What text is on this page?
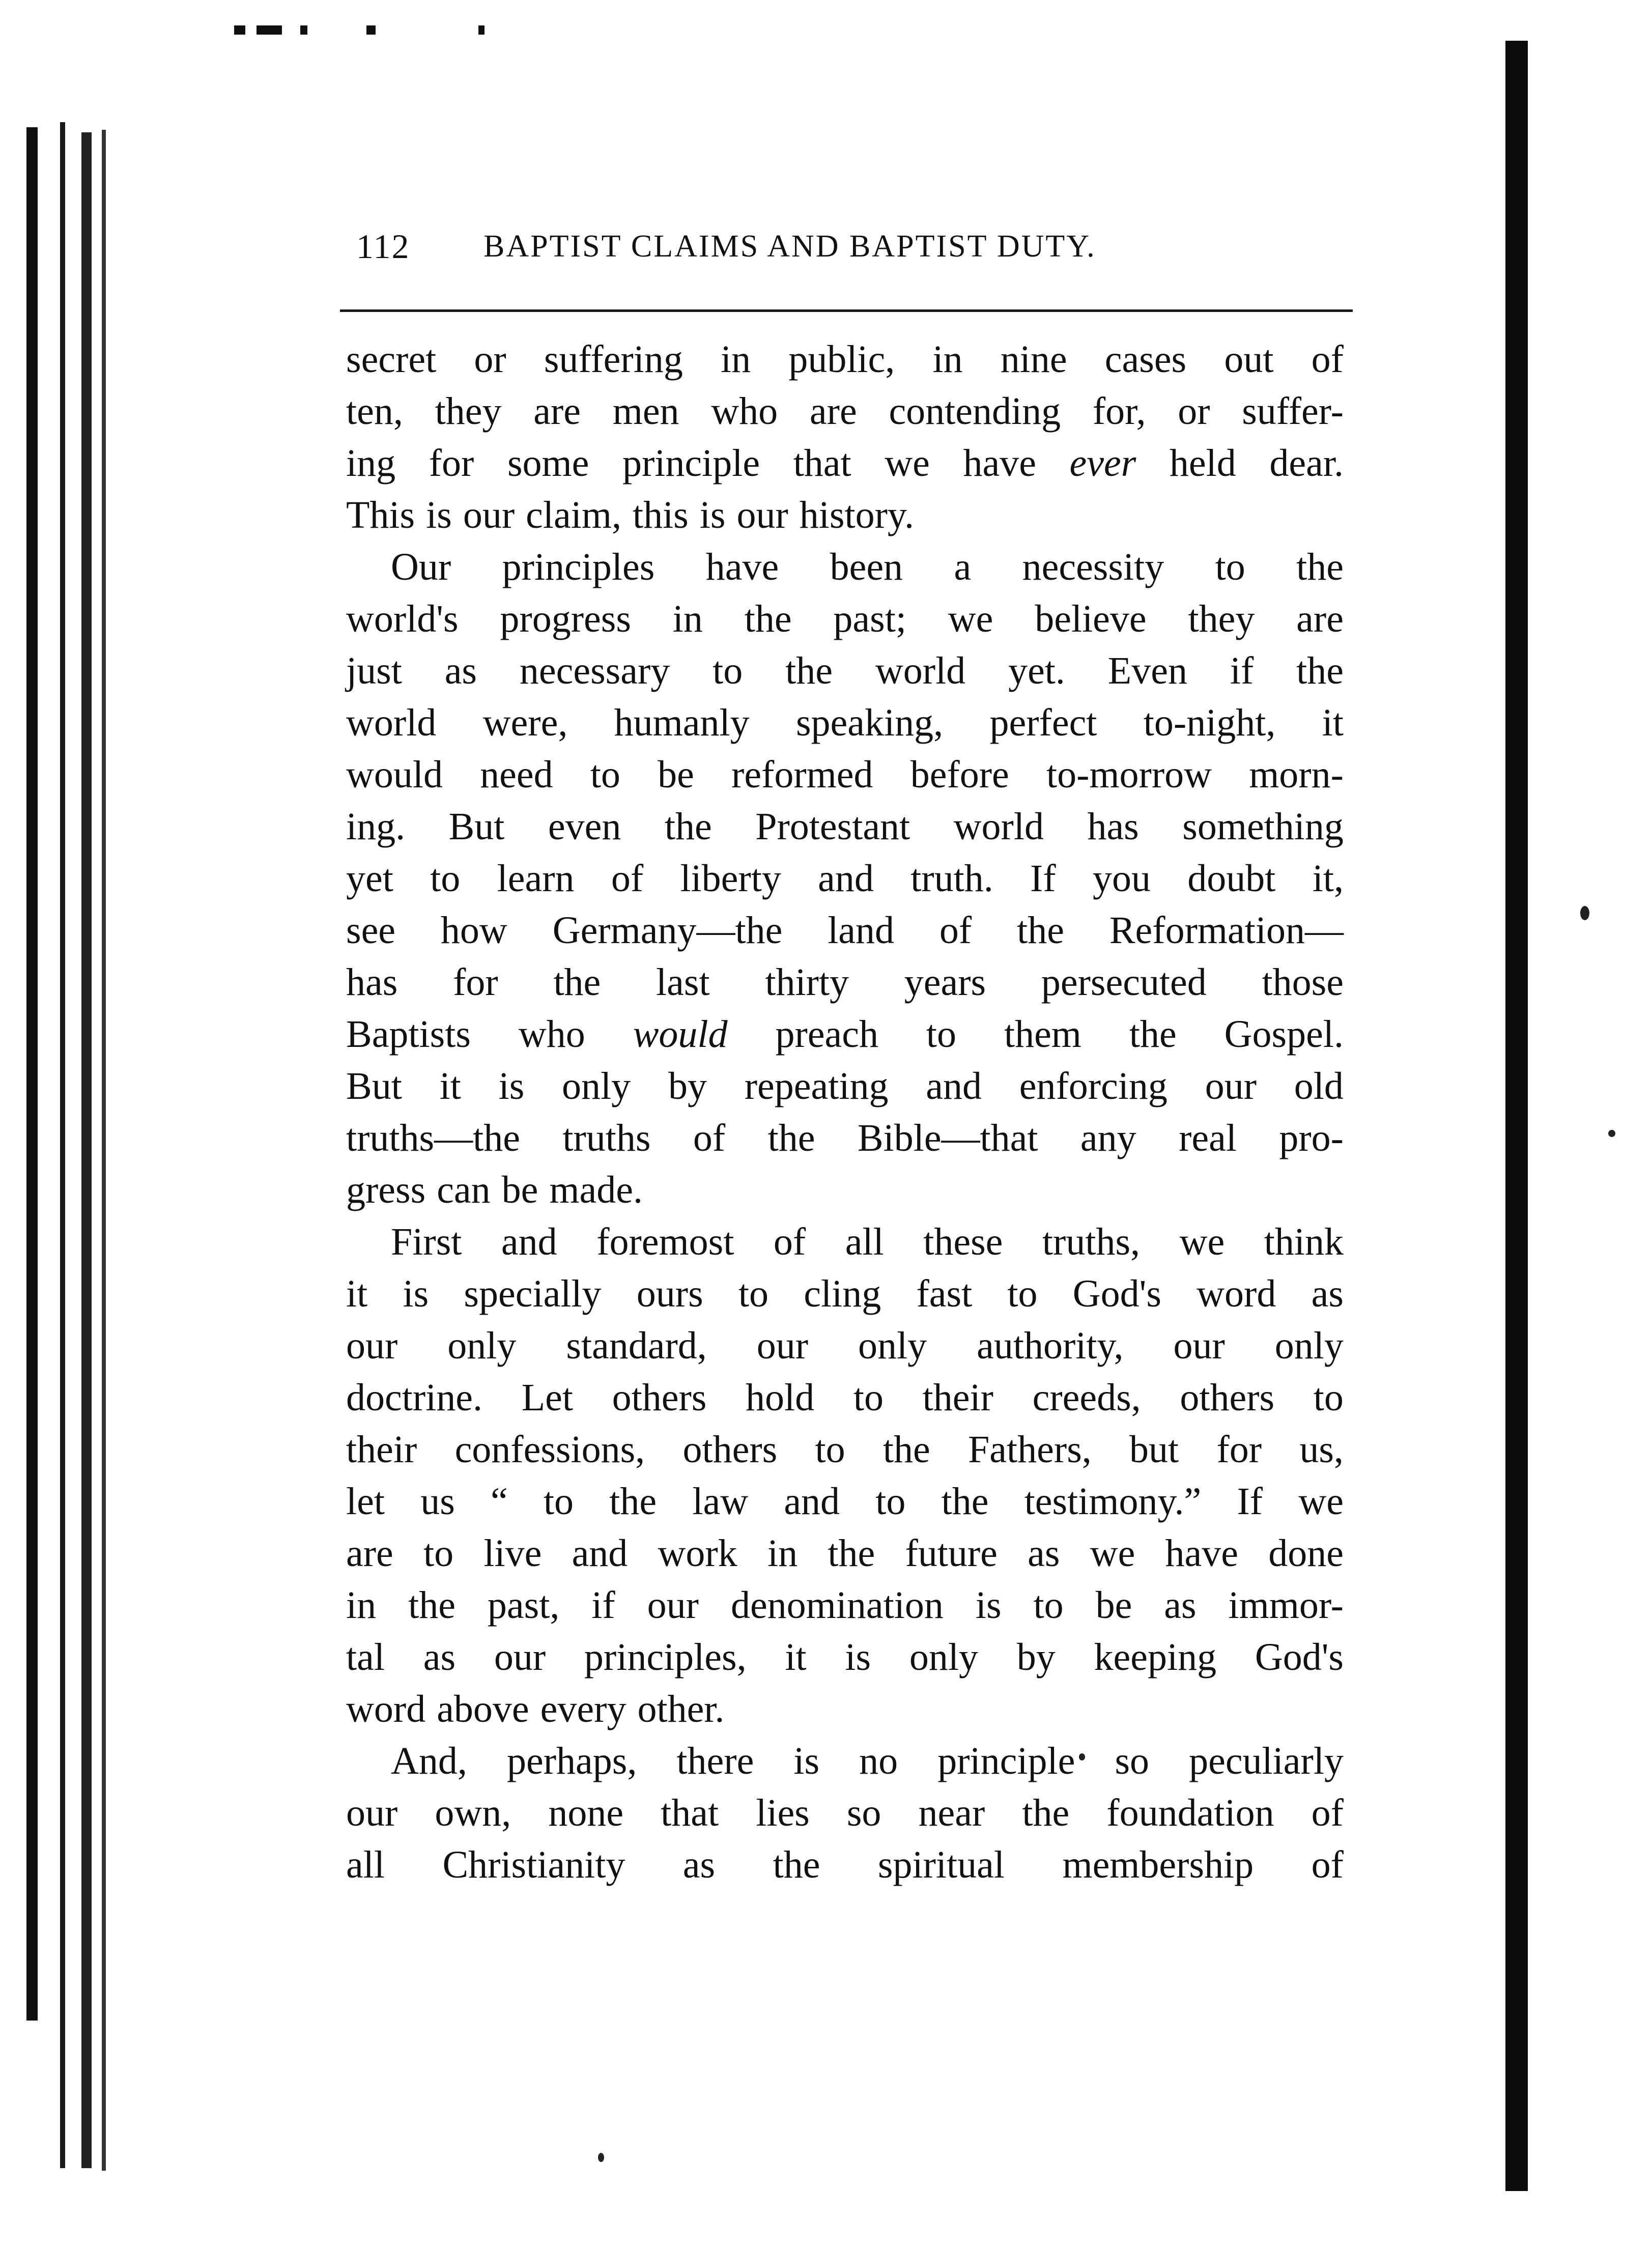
112 BAPTIST CLAIMS AND BAPTIST DUTY.
secret or suffering in public, in nine cases out of
ten, they are men who are contending for, or suffer-
ing for some principle that we have ever held dear.
This is our claim, this is our history.
Our principles have been a necessity to the
world's progress in the past; we believe they are
just as necessary to the world yet. Even if the
world were, humanly speaking, perfect to-night, it
would need to be reformed before to-morrow morn-
ing. But even the Protestant world has something
yet to learn of liberty and truth. If you doubt it,
see how Germany—the land of the Reformation—
has for the last thirty years persecuted those
Baptists who would preach to them the Gospel.
But it is only by repeating and enforcing our old
truths—the truths of the Bible—that any real pro-
gress can be made.
First and foremost of all these truths, we think
it is specially ours to cling fast to God's word as
our only standard, our only authority, our only
doctrine. Let others hold to their creeds, others to
their confessions, others to the Fathers, but for us,
let us “ to the law and to the testimony.” If we
are to live and work in the future as we have done
in the past, if our denomination is to be as immor-
tal as our principles, it is only by keeping God's
word above every other.
And, perhaps, there is no principle so peculiarly
our own, none that lies so near the foundation of
all Christianity as the spiritual membership of
